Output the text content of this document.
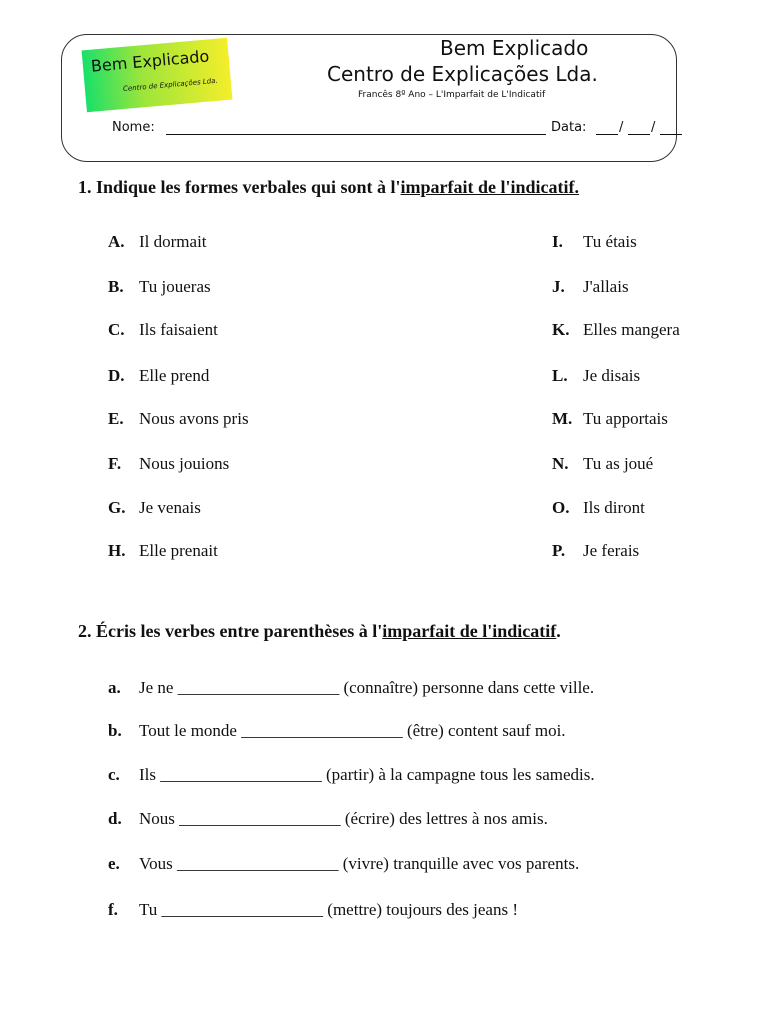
Bem Explicado
Centro de Explicações Lda.
Bem Explicado
Centro de Explicações Lda.
Francês 8º Ano – L'Imparfait de L'Indicatif
Nome:	Data:	/ /
1. Indique les formes verbales qui sont à l'imparfait de l'indicatif.
A. Il dormait
B. Tu joueras
C. Ils faisaient
D. Elle prend
E. Nous avons pris
F. Nous jouions
G. Je venais
H. Elle prenait
I. Tu étais
J. J'allais
K. Elles mangera
L. Je disais
M. Tu apportais
N. Tu as joué
O. Ils diront
P. Je ferais
2. Écris les verbes entre parenthèses à l'imparfait de l'indicatif.
a. Je ne ___________________ (connaître) personne dans cette ville.
b. Tout le monde ___________________ (être) content sauf moi.
c. Ils ___________________ (partir) à la campagne tous les samedis.
d. Nous ___________________ (écrire) des lettres à nos amis.
e. Vous ___________________ (vivre) tranquille avec vos parents.
f. Tu ___________________ (mettre) toujours des jeans !
